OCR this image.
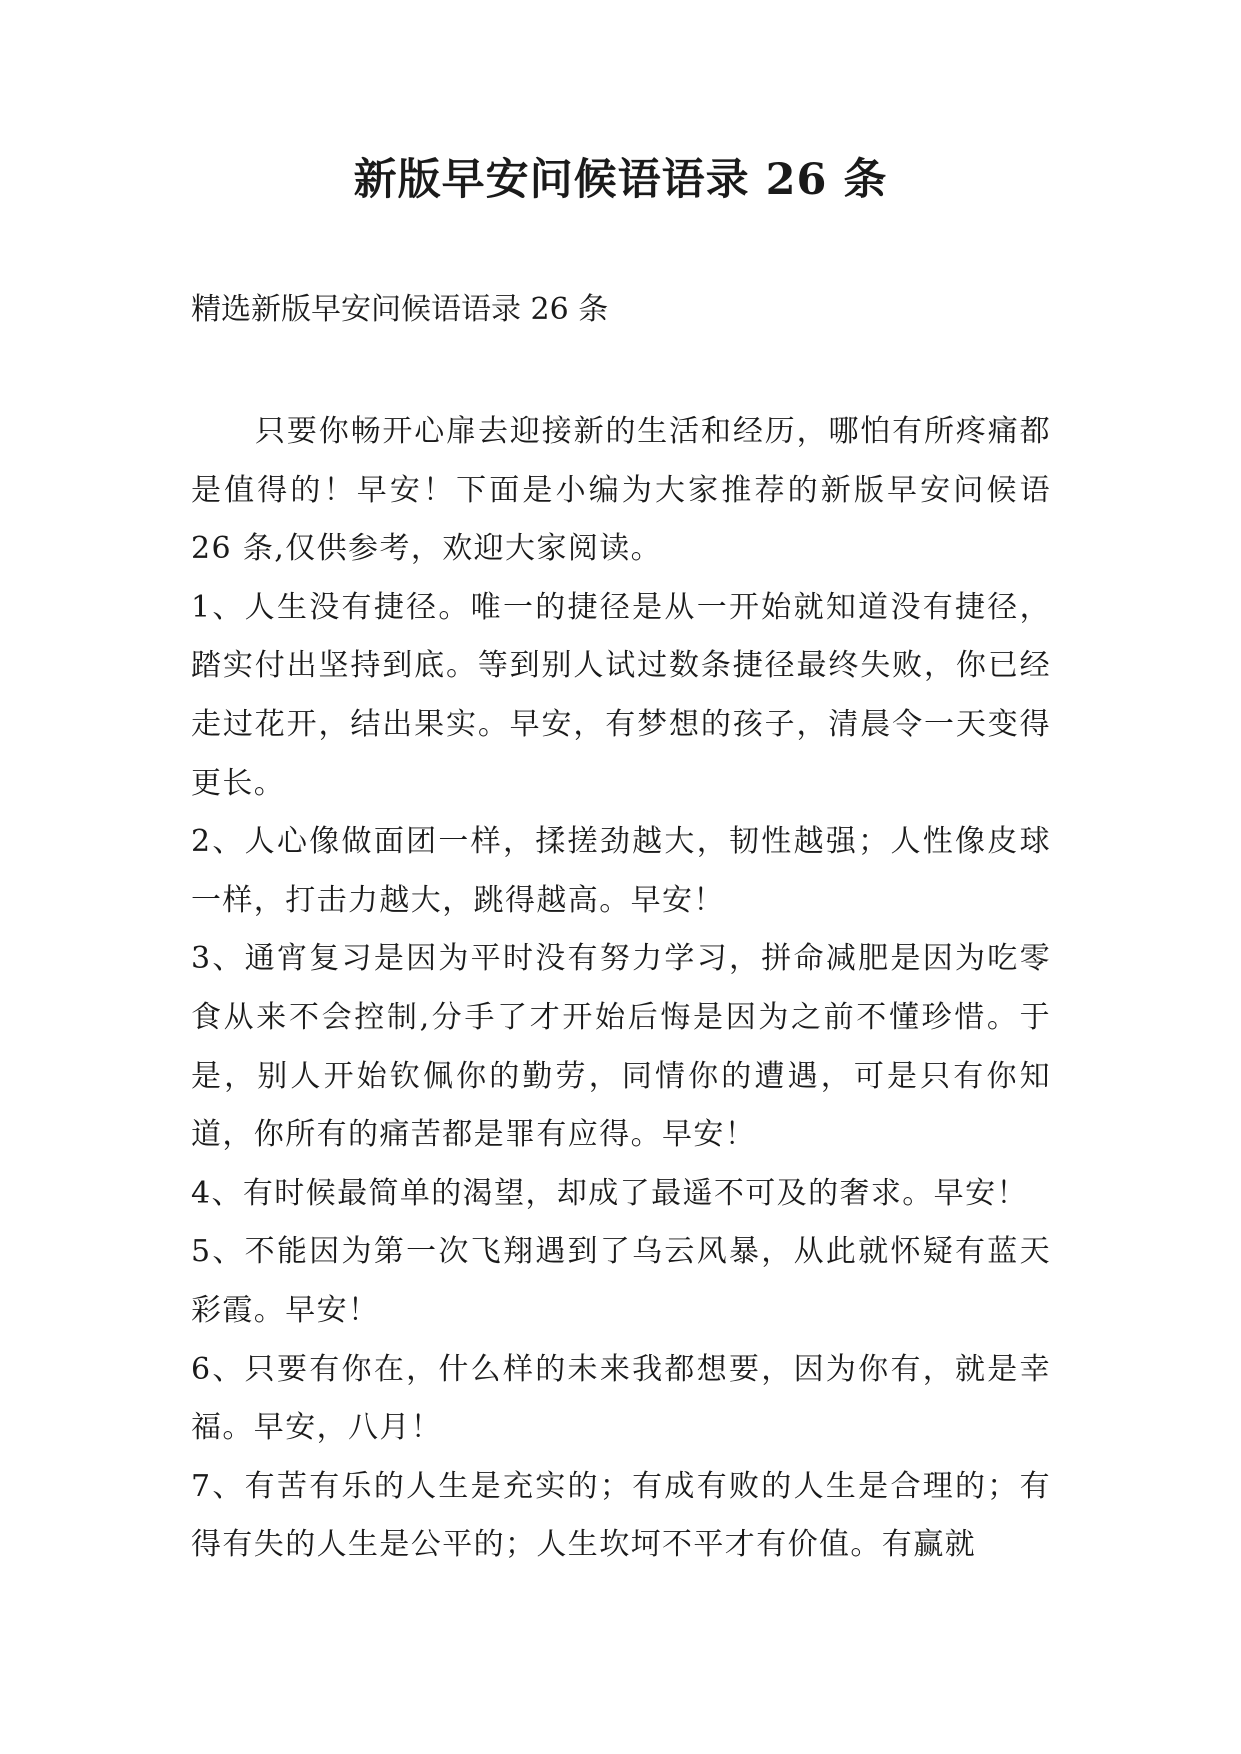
新版早安问候语语录 26 条
精选新版早安问候语语录 26 条

只要你畅开心扉去迎接新的生活和经历，哪怕有所疼痛都是值得的！早安！下面是小编为大家推荐的新版早安问候语 26 条,仅供参考，欢迎大家阅读。

1、人生没有捷径。唯一的捷径是从一开始就知道没有捷径，踏实付出坚持到底。等到别人试过数条捷径最终失败，你已经走过花开，结出果实。早安，有梦想的孩子，清晨令一天变得更长。

2、人心像做面团一样，揉搓劲越大，韧性越强；人性像皮球一样，打击力越大，跳得越高。早安！

3、通宵复习是因为平时没有努力学习，拼命减肥是因为吃零食从来不会控制,分手了才开始后悔是因为之前不懂珍惜。于是，别人开始钦佩你的勤劳，同情你的遭遇，可是只有你知道，你所有的痛苦都是罪有应得。早安！

4、有时候最简单的渴望，却成了最遥不可及的奢求。早安！

5、不能因为第一次飞翔遇到了乌云风暴，从此就怀疑有蓝天彩霞。早安！

6、只要有你在，什么样的未来我都想要，因为你有，就是幸福。早安，八月！

7、有苦有乐的人生是充实的；有成有败的人生是合理的；有得有失的人生是公平的；人生坎坷不平才有价值。有赢就
